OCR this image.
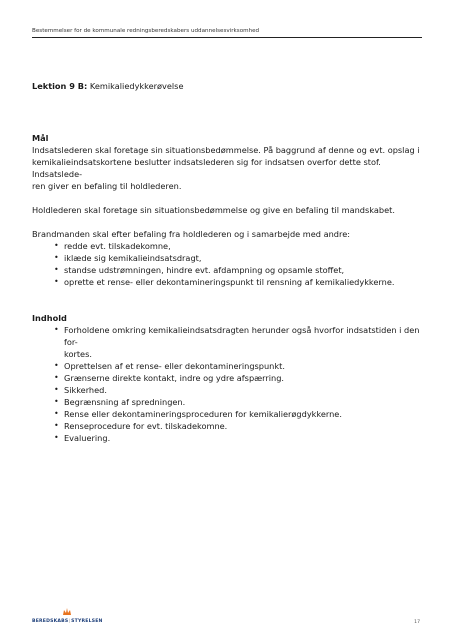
Bestemmelser for de kommunale redningsberedskabers uddannelsesvirksomhed
Lektion 9 B: Kemikaliedykkerøvelse
Mål

Indsatslederen skal foretage sin situationsbedømmelse. På baggrund af denne og evt. opslag i
kemikalieindsatskortene beslutter indsatslederen sig for indsatsen overfor dette stof. Indsatslede-
ren giver en befaling til holdlederen.

Holdlederen skal foretage sin situationsbedømmelse og give en befaling til mandskabet.

Brandmanden skal efter befaling fra holdlederen og i samarbejde med andre:

• redde evt. tilskadekomne,
• iklæde sig kemikalieindsatsdragt,
• standse udstrømningen, hindre evt. afdampning og opsamle stoffet,
• oprette et rense- eller dekontamineringspunkt til rensning af kemikaliedykkerne.
Indhold
• Forholdene omkring kemikalieindsatsdragten herunder også hvorfor indsatstiden i den for-
kortes.
• Oprettelsen af et rense- eller dekontamineringspunkt.
• Grænserne direkte kontakt, indre og ydre afspærring.
• Sikkerhed.
• Begrænsning af spredningen.
• Rense eller dekontamineringsproceduren for kemikalierøgdykkerne.
• Renseprocedure for evt. tilskadekomne.
• Evaluering.
BEREDSKABS|STYRELSEN	17
